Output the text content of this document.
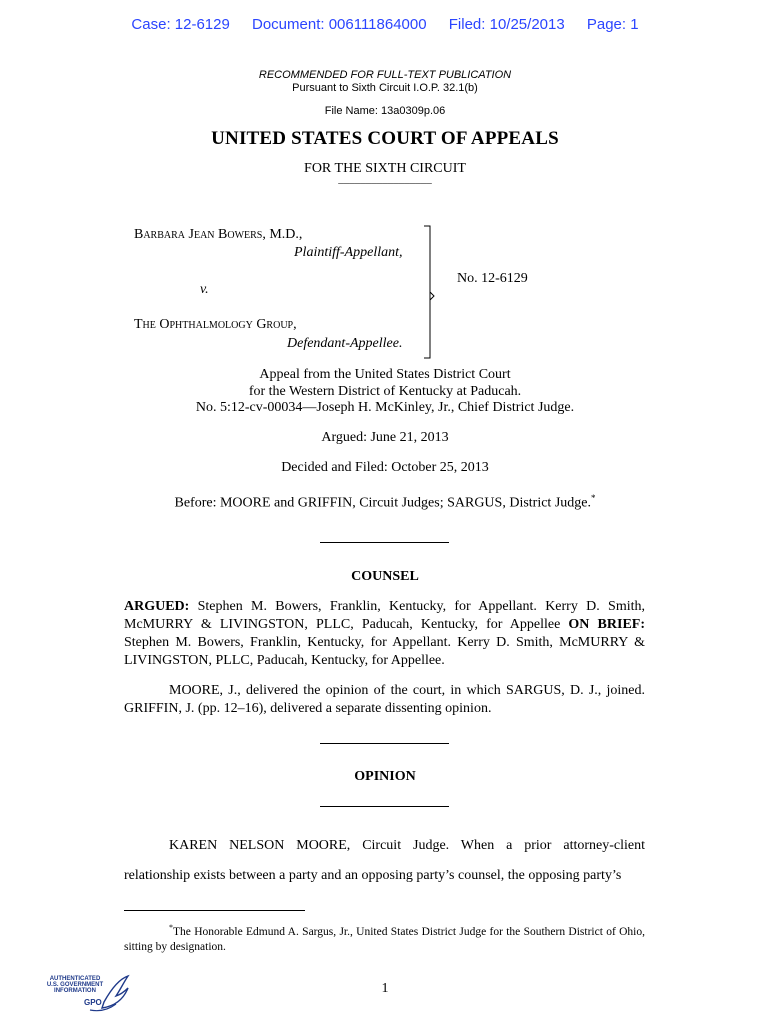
Case: 12-6129 Document: 006111864000 Filed: 10/25/2013 Page: 1
RECOMMENDED FOR FULL-TEXT PUBLICATION
Pursuant to Sixth Circuit I.O.P. 32.1(b)
File Name: 13a0309p.06
UNITED STATES COURT OF APPEALS
FOR THE SIXTH CIRCUIT
_________________
Barbara Jean Bowers, M.D.,
Plaintiff-Appellant,
v.
The Ophthalmology Group,
Defendant-Appellee.
No. 12-6129
Appeal from the United States District Court
for the Western District of Kentucky at Paducah.
No. 5:12-cv-00034—Joseph H. McKinley, Jr., Chief District Judge.
Argued: June 21, 2013
Decided and Filed: October 25, 2013
Before: MOORE and GRIFFIN, Circuit Judges; SARGUS, District Judge.*
COUNSEL
ARGUED: Stephen M. Bowers, Franklin, Kentucky, for Appellant. Kerry D. Smith, McMURRY & LIVINGSTON, PLLC, Paducah, Kentucky, for Appellee ON BRIEF: Stephen M. Bowers, Franklin, Kentucky, for Appellant. Kerry D. Smith, McMURRY & LIVINGSTON, PLLC, Paducah, Kentucky, for Appellee.
MOORE, J., delivered the opinion of the court, in which SARGUS, D. J., joined. GRIFFIN, J. (pp. 12–16), delivered a separate dissenting opinion.
OPINION
KAREN NELSON MOORE, Circuit Judge. When a prior attorney-client relationship exists between a party and an opposing party’s counsel, the opposing party’s
*The Honorable Edmund A. Sargus, Jr., United States District Judge for the Southern District of Ohio, sitting by designation.
1
AUTHENTICATED
U.S. GOVERNMENT
INFORMATION
GPO
